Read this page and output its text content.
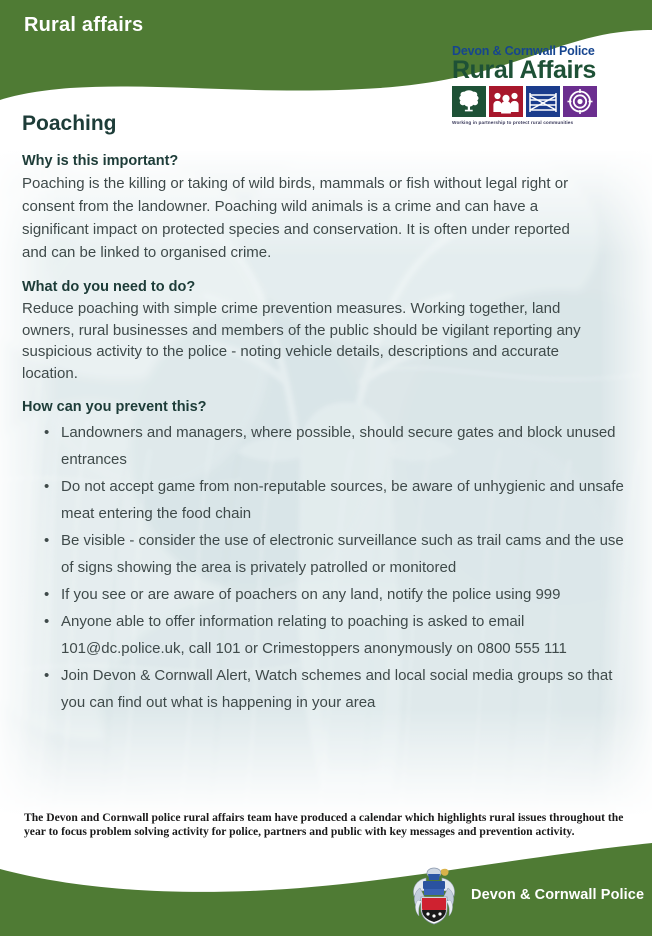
Rural affairs
Devon & Cornwall Police
Rural Affairs
Working in partnership to protect rural communities
Poaching
Why is this important?

Poaching is the killing or taking of wild birds, mammals or fish without legal right or consent from the landowner. Poaching wild animals is a crime and can have a significant impact on protected species and conservation. It is often under reported and can be linked to organised crime.

What do you need to do?

Reduce poaching with simple crime prevention measures. Working together, land owners, rural businesses and members of the public should be vigilant reporting any suspicious activity to the police - noting vehicle details, descriptions and accurate location.

How can you prevent this?
• Landowners and managers, where possible, should secure gates and block unused entrances
• Do not accept game from non-reputable sources, be aware of unhygienic and unsafe meat entering the food chain
• Be visible - consider the use of electronic surveillance such as trail cams and the use of signs showing the area is privately patrolled or monitored
• If you see or are aware of poachers on any land, notify the police using 999
• Anyone able to offer information relating to poaching is asked to email 101@dc.police.uk, call 101 or Crimestoppers anonymously on 0800 555 111
• Join Devon & Cornwall Alert, Watch schemes and local social media groups so that you can find out what is happening in your area
The Devon and Cornwall police rural affairs team have produced a calendar which highlights rural issues throughout the year to focus problem solving activity for police, partners and public with key messages and prevention activity.
Devon & Cornwall Police
